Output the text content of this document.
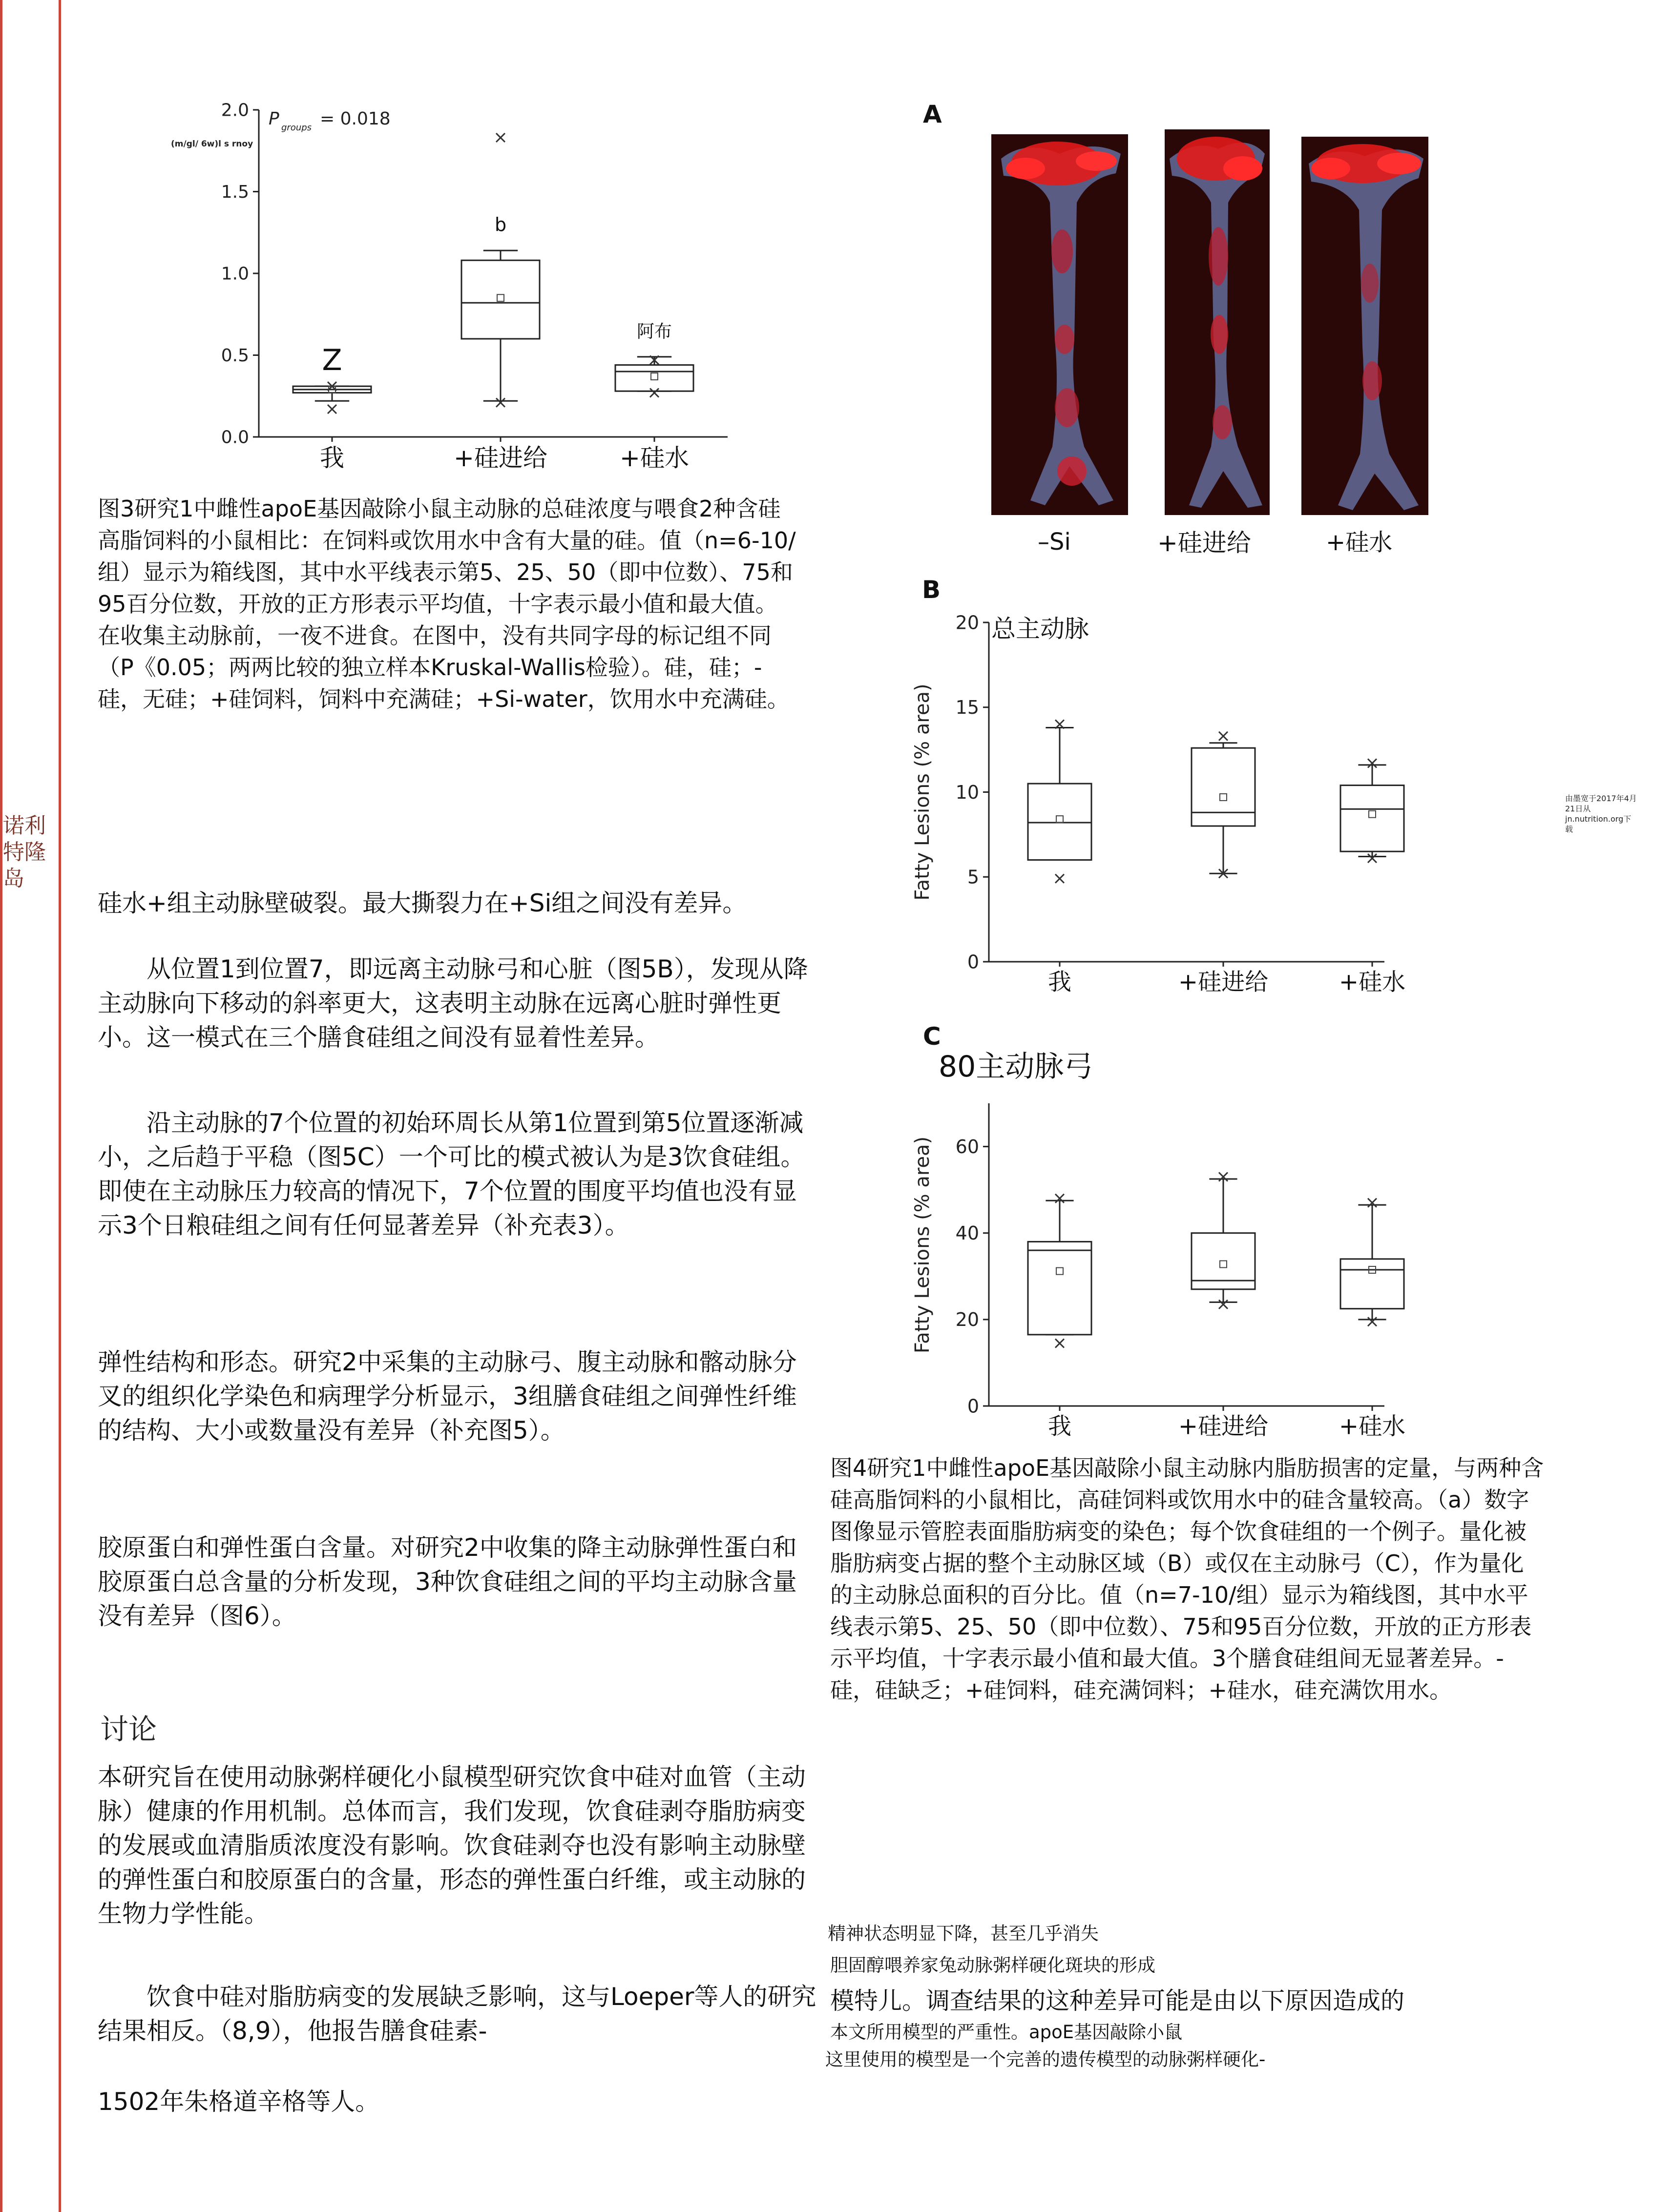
诺利特隆岛
由墨宽于2017年4月21日从jn.nutrition.org下载
0.0
0.5
1.0
1.5
2.0
我	+硅进给	+硅水
P groups = 0.018
(m/gl/ 6w)l s rnoy
Z
b
阿布

图3研究1中雌性apoE基因敲除小鼠主动脉的总硅浓度与喂食2种含硅高脂饲料的小鼠相比：在饲料或饮用水中含有大量的硅。值（n=6-10/组）显示为箱线图，其中水平线表示第5、25、50（即中位数）、75和95百分位数，开放的正方形表示平均值，十字表示最小值和最大值。在收集主动脉前，一夜不进食。在图中，没有共同字母的标记组不同（P《0.05；两两比较的独立样本Kruskal-Wallis检验）。硅，硅；-硅，无硅；+硅饲料，饲料中充满硅；+Si-water，饮用水中充满硅。

硅水+组主动脉壁破裂。最大撕裂力在+Si组之间没有差异。

从位置1到位置7，即远离主动脉弓和心脏（图5B），发现从降主动脉向下移动的斜率更大，这表明主动脉在远离心脏时弹性更小。这一模式在三个膳食硅组之间没有显着性差异。

沿主动脉的7个位置的初始环周长从第1位置到第5位置逐渐减小，之后趋于平稳（图5C）一个可比的模式被认为是3饮食硅组。即使在主动脉压力较高的情况下，7个位置的围度平均值也没有显示3个日粮硅组之间有任何显著差异（补充表3）。

弹性结构和形态。研究2中采集的主动脉弓、腹主动脉和髂动脉分叉的组织化学染色和病理学分析显示，3组膳食硅组之间弹性纤维的结构、大小或数量没有差异（补充图5）。

胶原蛋白和弹性蛋白含量。对研究2中收集的降主动脉弹性蛋白和胶原蛋白总含量的分析发现，3种饮食硅组之间的平均主动脉含量没有差异（图6）。

讨论

本研究旨在使用动脉粥样硬化小鼠模型研究饮食中硅对血管（主动脉）健康的作用机制。总体而言，我们发现，饮食硅剥夺脂肪病变的发展或血清脂质浓度没有影响。饮食硅剥夺也没有影响主动脉壁的弹性蛋白和胶原蛋白的含量，形态的弹性蛋白纤维，或主动脉的生物力学性能。

饮食中硅对脂肪病变的发展缺乏影响，这与Loeper等人的研究结果相反。（8,9），他报告膳食硅素-

1502年朱格道辛格等人。

A
–Si	+硅进给	+硅水
0
5
10
15
20
我	+硅进给	+硅水
B
总主动脉
Fatty Lesions (% area)
0
20
40
60
我	+硅进给	+硅水
C
80主动脉弓
Fatty Lesions (% area)

图4研究1中雌性apoE基因敲除小鼠主动脉内脂肪损害的定量，与两种含硅高脂饲料的小鼠相比，高硅饲料或饮用水中的硅含量较高。（a）数字图像显示管腔表面脂肪病变的染色；每个饮食硅组的一个例子。量化被脂肪病变占据的整个主动脉区域（B）或仅在主动脉弓（C），作为量化的主动脉总面积的百分比。值（n=7-10/组）显示为箱线图，其中水平线表示第5、25、50（即中位数）、75和95百分位数，开放的正方形表示平均值，十字表示最小值和最大值。3个膳食硅组间无显著差异。-硅，硅缺乏；+硅饲料，硅充满饲料；+硅水，硅充满饮用水。

精神状态明显下降，甚至几乎消失
胆固醇喂养家兔动脉粥样硬化斑块的形成
模特儿。调查结果的这种差异可能是由以下原因造成的
本文所用模型的严重性。apoE基因敲除小鼠
这里使用的模型是一个完善的遗传模型的动脉粥样硬化-
